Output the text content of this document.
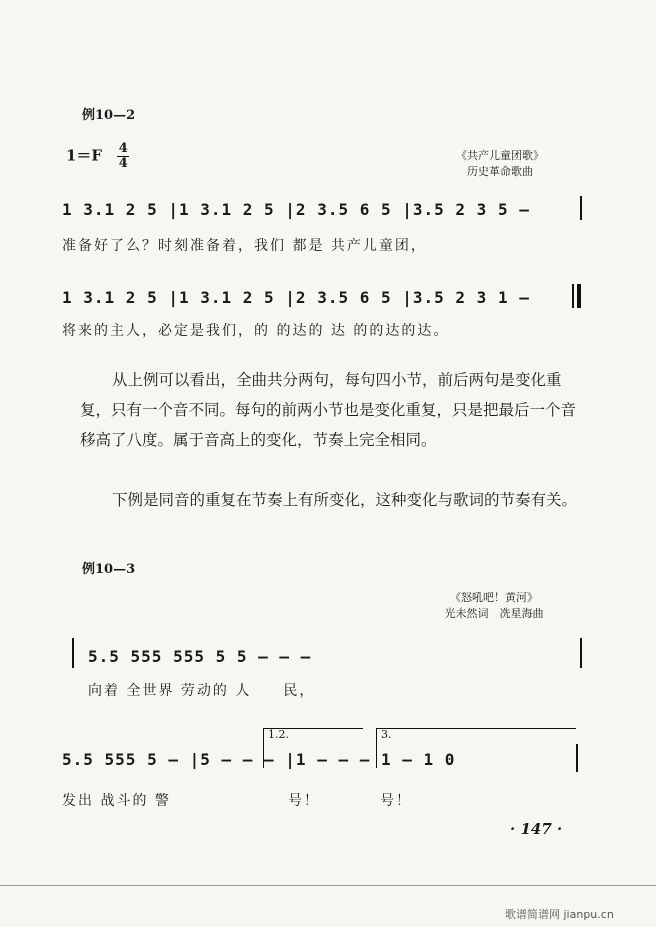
例10—2
$1=F \frac{4}{4}$	《共产儿童团歌》
历史革命歌曲
1 3.1 2 5 |1 3.1 2 5 |2 3.5 6 5 |3.5 2 3 5 –
准备好了么？时刻准备着，我们 都是 共产儿童团，
1 3.1 2 5 |1 3.1 2 5 |2 3.5 6 5 |3.5 2 3 1 –
将来的主人，必定是我们，的 的达的 达 的的达的达。
从上例可以看出，全曲共分两句，每句四小节，前后两句是变化重复，只有一个音不同。每句的前两小节也是变化重复，只是把最后一个音移高了八度。属于音高上的变化，节奏上完全相同。
下例是同音的重复在节奏上有所变化，这种变化与歌词的节奏有关。
例10—3
《怒吼吧！黄河》
光未然词　冼星海曲
5.5 555 555 5 5 – – –
向着 全世界 劳动的 人　　民，
1.2.	3.
5.5 555 5 – |5 – – – |1 – – – 1 – 1 0
发出 战斗的 警	号！	号！
· 147 ·
歌谱简谱网 jianpu.cn
